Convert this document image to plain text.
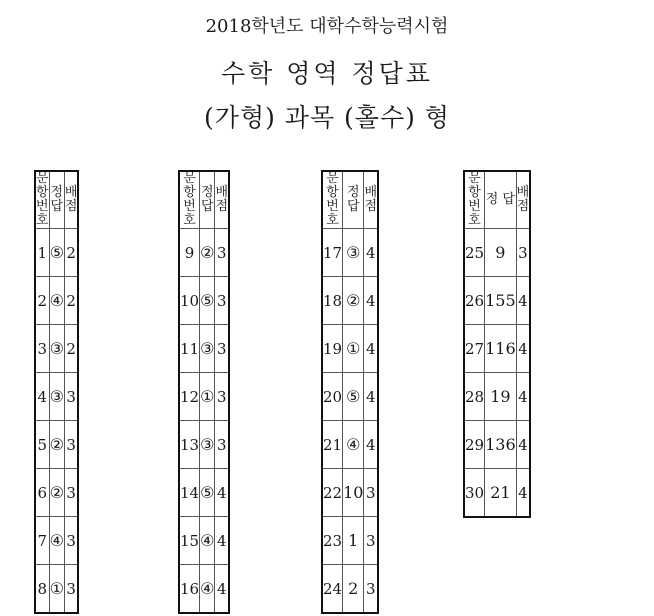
2018학년도 대학수학능력시험
수학 영역 정답표
(가형) 과목 (홀수) 형
문항
번호	정 답	배 점
1	⑤	2
2	④	2
3	③	2
4	③	3
5	②	3
6	②	3
7	④	3
8	①	3
문항
번호	정 답	배 점
9	②	3
10	⑤	3
11	③	3
12	①	3
13	③	3
14	⑤	4
15	④	4
16	④	4
문항
번호	정 답	배 점
17	③	4
18	②	4
19	①	4
20	⑤	4
21	④	4
22	10	3
23	1	3
24	2	3
문항
번호	정 답	배 점
25	9	3
26	155	4
27	116	4
28	19	4
29	136	4
30	21	4
